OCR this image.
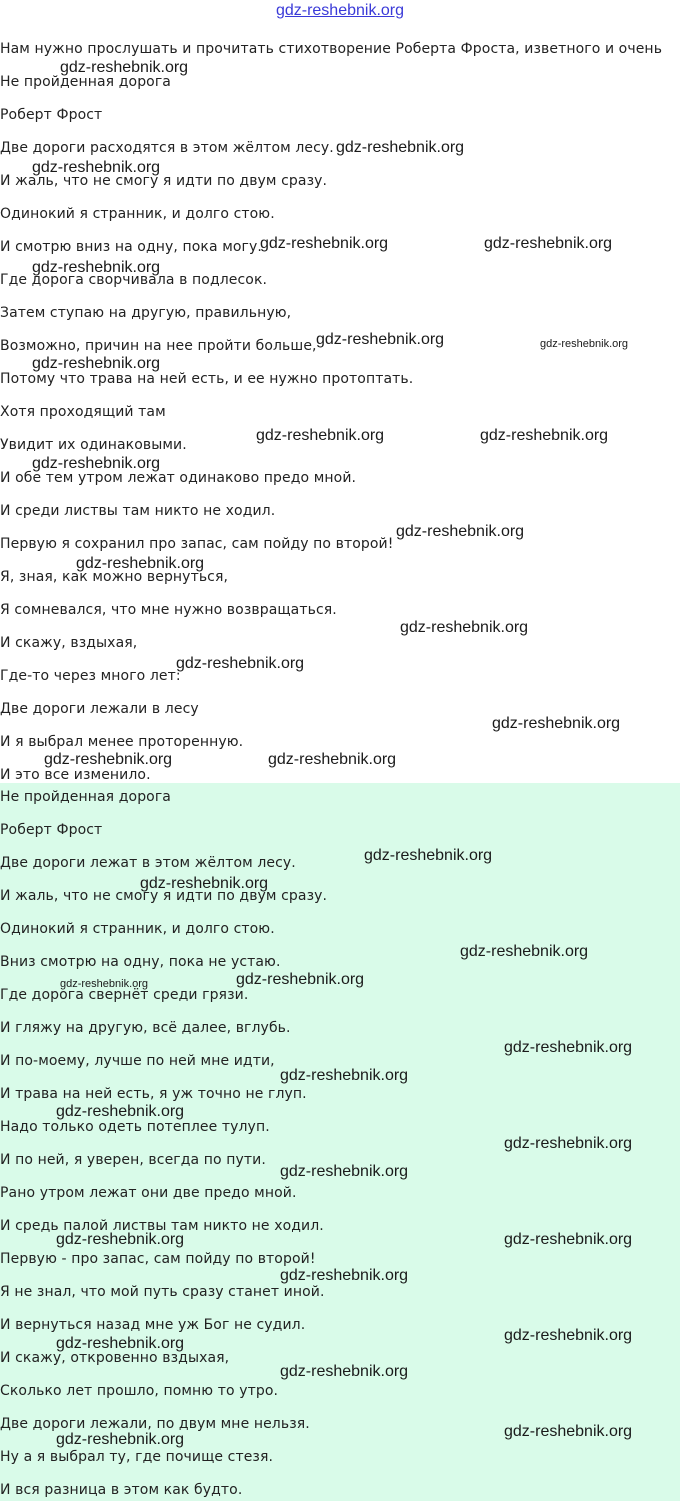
gdz-reshebnik.org
Нам нужно прослушать и прочитать стихотворение Роберта Фроста, изветного и очень
Не пройденная дорога
Роберт Фрост
Две дороги расходятся в этом жёлтом лесу.
И жаль, что не смогу я идти по двум сразу.
Одинокий я странник, и долго стою.
И смотрю вниз на одну, пока могу.
Где дорога сворчивала в подлесок.
Затем ступаю на другую, правильную,
Возможно, причин на нее пройти больше,
Потому что трава на ней есть, и ее нужно протоптать.
Хотя проходящий там
Увидит их одинаковыми.
И обе тем утром лежат одинаково предо мной.
И среди листвы там никто не ходил.
Первую я сохранил про запас, сам пойду по второй!
Я, зная, как можно вернуться,
Я сомневался, что мне нужно возвращаться.
И скажу, вздыхая,
Где-то через много лет:
Две дороги лежали в лесу
И я выбрал менее проторенную.
И это все изменило.
Не пройденная дорога
Роберт Фрост
Две дороги лежат в этом жёлтом лесу.
И жаль, что не смогу я идти по двум сразу.
Одинокий я странник, и долго стою.
Вниз смотрю на одну, пока не устаю.
Где дорога свернёт среди грязи.
И гляжу на другую, всё далее, вглубь.
И по-моему, лучше по ней мне идти,
И трава на ней есть, я уж точно не глуп.
Надо только одеть потеплее тулуп.
И по ней, я уверен, всегда по пути.
Рано утром лежат они две предо мной.
И средь палой листвы там никто не ходил.
Первую - про запас, сам пойду по второй!
Я не знал, что мой путь сразу станет иной.
И вернуться назад мне уж Бог не судил.
И скажу, откровенно вздыхая,
Сколько лет прошло, помню то утро.
Две дороги лежали, по двум мне нельзя.
Ну а я выбрал ту, где почище стезя.
И вся разница в этом как будто.
gdz-reshebnik.org
gdz-reshebnik.org
gdz-reshebnik.org
gdz-reshebnik.org	gdz-reshebnik.org
gdz-reshebnik.org
gdz-reshebnik.org	gdz-reshebnik.org
gdz-reshebnik.org
gdz-reshebnik.org	gdz-reshebnik.org
gdz-reshebnik.org
gdz-reshebnik.org
gdz-reshebnik.org
gdz-reshebnik.org
gdz-reshebnik.org
gdz-reshebnik.org
gdz-reshebnik.org	gdz-reshebnik.org
gdz-reshebnik.org
gdz-reshebnik.org
gdz-reshebnik.org
gdz-reshebnik.org	gdz-reshebnik.org
gdz-reshebnik.org
gdz-reshebnik.org
gdz-reshebnik.org
gdz-reshebnik.org
gdz-reshebnik.org
gdz-reshebnik.org	gdz-reshebnik.org
gdz-reshebnik.org
gdz-reshebnik.org
gdz-reshebnik.org
gdz-reshebnik.org
gdz-reshebnik.org
gdz-reshebnik.org
